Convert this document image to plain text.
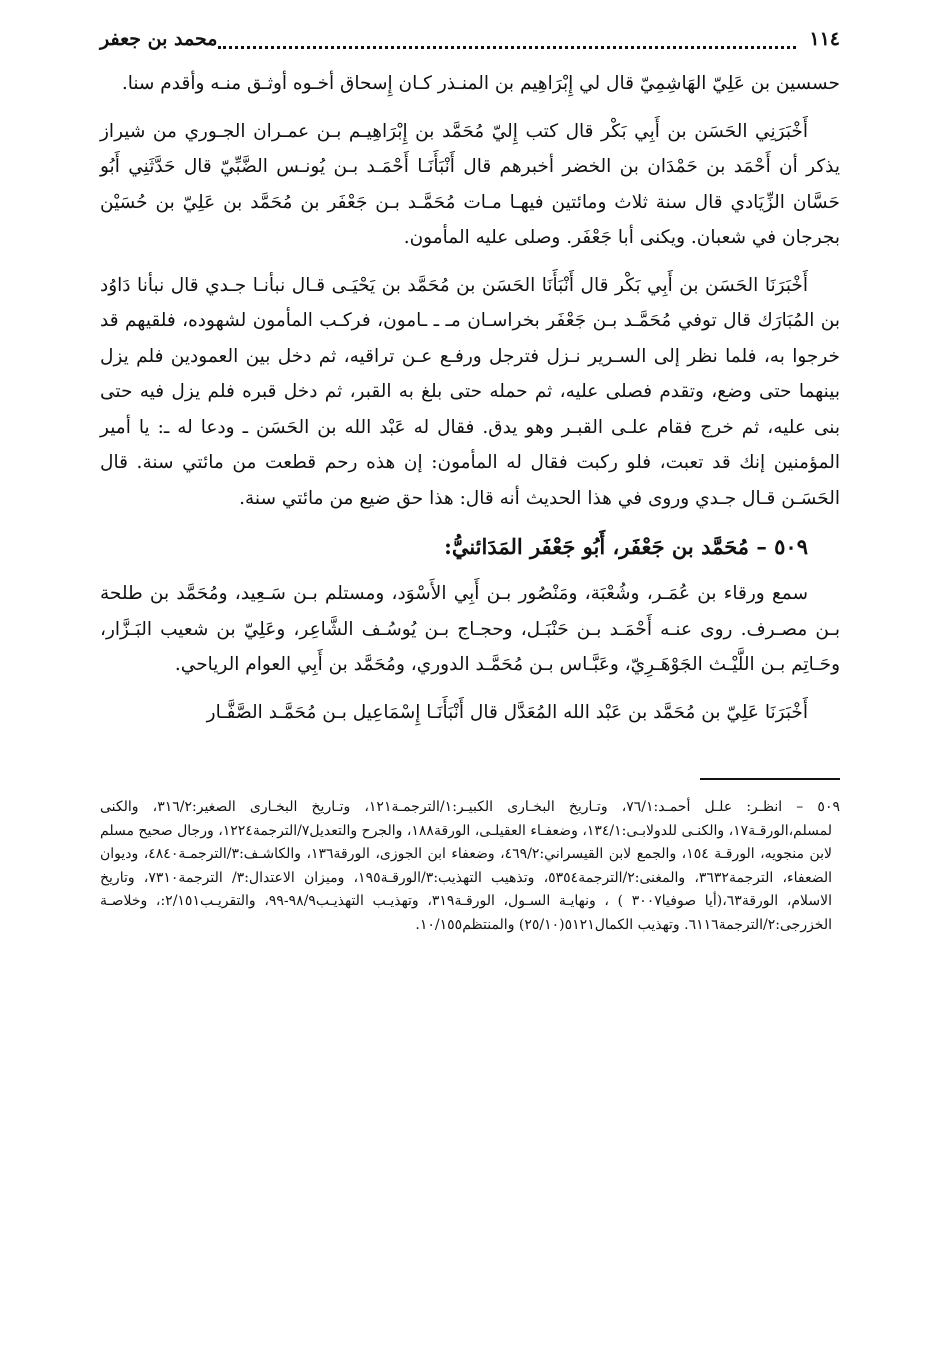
١١٤
محمد بن جعفر

حسسين بن عَلِيّ الهَاشِمِيّ قال لي إِبْرَاهِيم بن المنـذر كـان إِسحاق أخـوه أوثـق منـه وأقدم سنا.

أَخْبَرَنِي الحَسَن بن أَبِي بَكْر قال كتب إِليّ مُحَمَّد بن إِبْرَاهِيـم بـن عمـران الجـوري من شيراز يذكر أن أَحْمَد بن حَمْدَان بن الخضر أخبرهم قال أَنْبَأَنَـا أَحْمَـد بـن يُونـس الضَّبِّيّ قال حَدَّثَنِي أَبُو حَسَّان الزِّيَادي قال سنة ثلاث ومائتين فيهـا مـات مُحَمَّـد بـن جَعْفَر بن مُحَمَّد بن عَلِيّ بن حُسَيْن بجرجان في شعبان. ويكنى أبا جَعْفَر. وصلى عليه المأمون.

أَخْبَرَنَا الحَسَن بن أَبِي بَكْر قال أَنْبَأَنَا الحَسَن بن مُحَمَّد بن يَحْيَـى قـال نبأنـا جـدي قال نبأنا دَاوُد بن المُبَارَك قال توفي مُحَمَّـد بـن جَعْفَر بخراسـان مـ ـ ـامون، فركـب المأمون لشهوده، فلقيهم قد خرجوا به، فلما نظر إلى السـرير نـزل فترجل ورفـع عـن تراقيه، ثم دخل بين العمودين فلم يزل بينهما حتى وضع، وتقدم فصلى عليه، ثم حمله حتى بلغ به القبر، ثم دخل قبره فلم يزل فيه حتى بنى عليه، ثم خرج فقام علـى القبـر وهو يدق. فقال له عَبْد الله بن الحَسَن ـ ودعا له ـ: يا أمير المؤمنين إنك قد تعبت، فلو ركبت فقال له المأمون: إن هذه رحم قطعت من مائتي سنة. قال الحَسَـن قـال جـدي وروى في هذا الحديث أنه قال: هذا حق ضيع من مائتي سنة.

٥٠٩ – مُحَمَّد بن جَعْفَر، أَبُو جَعْفَر المَدَائنيُّ:

سمع ورقاء بن عُمَـر، وشُعْبَة، ومَنْصُور بـن أَبِي الأَسْوَد، ومستلم بـن سَـعِيد، ومُحَمَّد بن طلحة بـن مصـرف. روى عنـه أَحْمَـد بـن حَنْبَـل، وحجـاج بـن يُوسُـف الشَّاعِر، وعَلِيّ بن شعيب البَـزَّار، وحَـاتِم بـن اللَّيْـث الجَوْهَـرِيّ، وعَبَّـاس بـن مُحَمَّـد الدوري، ومُحَمَّد بن أَبِي العوام الرياحي.

أَخْبَرَنَا عَلِيّ بن مُحَمَّد بن عَبْد الله المُعَدَّل قال أَنْبَأَنَـا إِسْمَاعِيل بـن مُحَمَّـد الصَّفَّـار

٥٠٩ – انظـر: علـل أحمـد:٧٦/١، وتـاريخ البخـارى الكبيـر:١/الترجمـة١٢١، وتـاريخ البخـارى الصغير:٣١٦/٢، والكنى لمسلم،الورقـة١٧، والكنـى للدولابـى:١٣٤/١، وضعفـاء العقيلـى، الورقة١٨٨، والجرح والتعديل٧/الترجمة١٢٢٤، ورجال صحيح مسلم لابن منجويه، الورقـة ١٥٤، والجمع لابن القيسراني:٤٦٩/٢، وضعفاء ابن الجوزى، الورقة١٣٦، والكاشـف:٣/الترجمـة٤٨٤٠، وديوان الضعفاء، الترجمة٣٦٣٢، والمغنى:٢/الترجمة٥٣٥٤، وتذهيب التهذيب:٣/الورقـة١٩٥، وميزان الاعتدال:٣/ الترجمة٧٣١٠، وتاريخ الاسلام، الورقة٦٣،(أيا صوفيا٣٠٠٧ ) ، ونهايـة السـول، الورقـة٣١٩، وتهذيـب التهذيـب٩٨/٩-٩٩، والتقريـب٢/١٥١:، وخلاصـة الخزرجى:٢/الترجمة٦١١٦. وتهذيب الكمال٥١٢١(٢٥/١٠) والمنتظم١٠/١٥٥.
